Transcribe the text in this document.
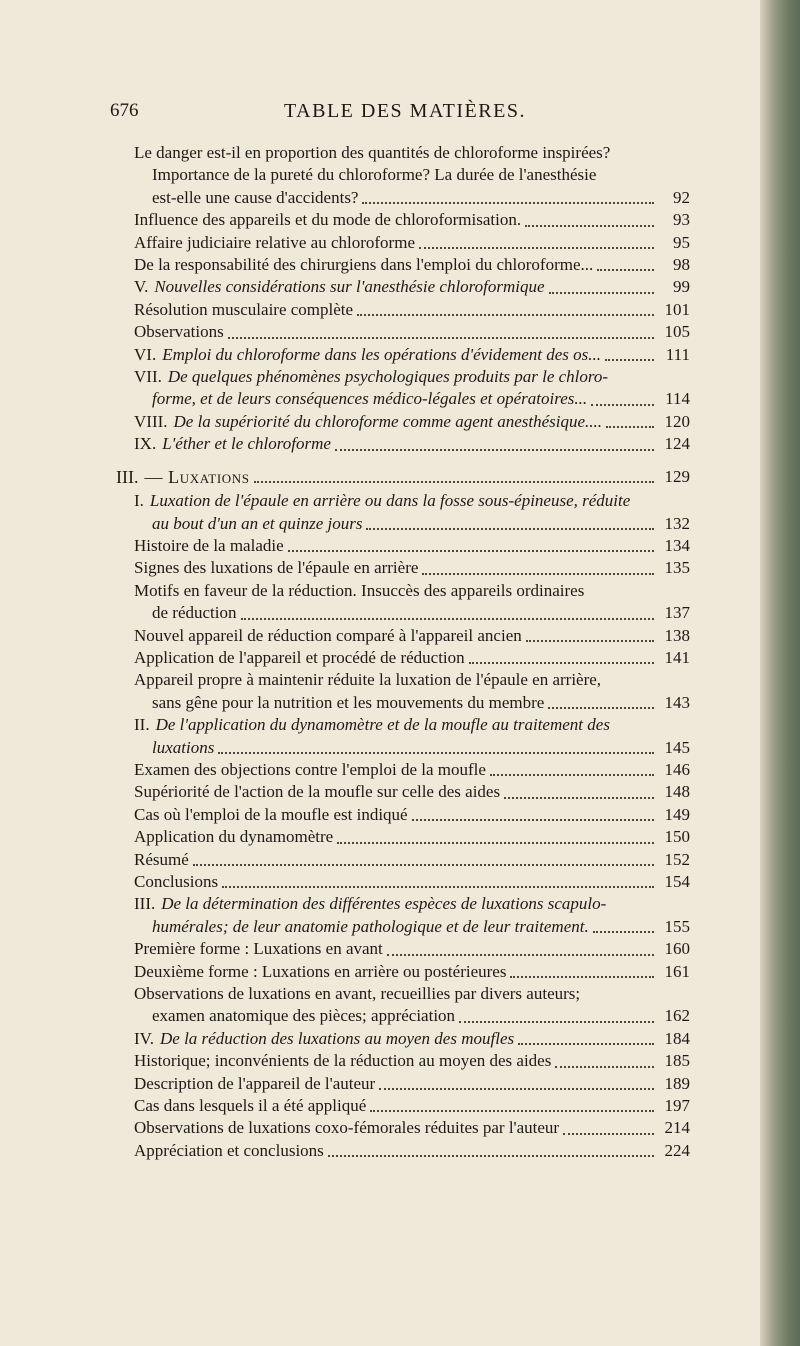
676	TABLE DES MATIÈRES.
Le danger est-il en proportion des quantités de chloroforme inspirées?
Importance de la pureté du chloroforme? La durée de l'anesthésie
est-elle une cause d'accidents?	92
Influence des appareils et du mode de chloroformisation.	93
Affaire judiciaire relative au chloroforme	95
De la responsabilité des chirurgiens dans l'emploi du chloroforme...	98
V. Nouvelles considérations sur l'anesthésie chloroformique	99
Résolution musculaire complète	101
Observations	105
VI. Emploi du chloroforme dans les opérations d'évidement des os...	111
VII. De quelques phénomènes psychologiques produits par le chloro-
forme, et de leurs conséquences médico-légales et opératoires...	114
VIII. De la supériorité du chloroforme comme agent anesthésique....	120
IX. L'éther et le chloroforme	124
III. — Luxations	129
I. Luxation de l'épaule en arrière ou dans la fosse sous-épineuse, réduite
au bout d'un an et quinze jours	132
Histoire de la maladie	134
Signes des luxations de l'épaule en arrière	135
Motifs en faveur de la réduction. Insuccès des appareils ordinaires
de réduction	137
Nouvel appareil de réduction comparé à l'appareil ancien	138
Application de l'appareil et procédé de réduction	141
Appareil propre à maintenir réduite la luxation de l'épaule en arrière,
sans gêne pour la nutrition et les mouvements du membre	143
II. De l'application du dynamomètre et de la moufle au traitement des
luxations	145
Examen des objections contre l'emploi de la moufle	146
Supériorité de l'action de la moufle sur celle des aides	148
Cas où l'emploi de la moufle est indiqué	149
Application du dynamomètre	150
Résumé	152
Conclusions	154
III. De la détermination des différentes espèces de luxations scapulo-
humérales; de leur anatomie pathologique et de leur traitement.	155
Première forme : Luxations en avant	160
Deuxième forme : Luxations en arrière ou postérieures	161
Observations de luxations en avant, recueillies par divers auteurs;
examen anatomique des pièces; appréciation	162
IV. De la réduction des luxations au moyen des moufles	184
Historique; inconvénients de la réduction au moyen des aides	185
Description de l'appareil de l'auteur	189
Cas dans lesquels il a été appliqué	197
Observations de luxations coxo-fémorales réduites par l'auteur	214
Appréciation et conclusions	224
